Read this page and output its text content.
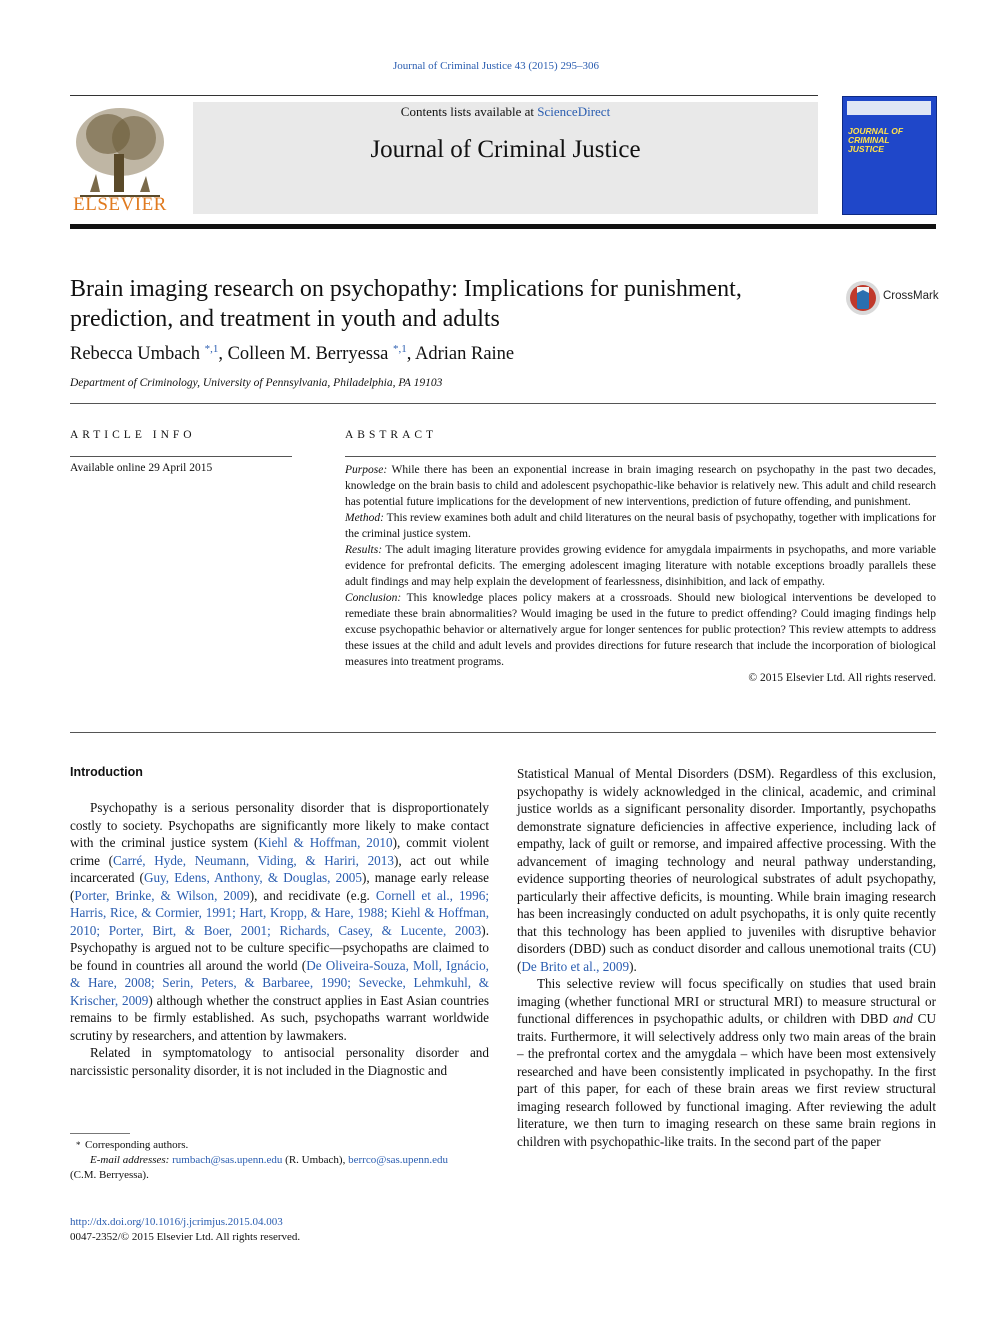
Journal of Criminal Justice 43 (2015) 295–306
ELSEVIER
Contents lists available at ScienceDirect
Journal of Criminal Justice
JOURNAL OF CRIMINAL JUSTICE
Brain imaging research on psychopathy: Implications for punishment, prediction, and treatment in youth and adults
CrossMark
Rebecca Umbach $^{*,1}$, Colleen M. Berryessa $^{*,1}$, Adrian Raine
Department of Criminology, University of Pennsylvania, Philadelphia, PA 19103
ARTICLE INFO
Available online 29 April 2015
ABSTRACT

Purpose: While there has been an exponential increase in brain imaging research on psychopathy in the past two decades, knowledge on the brain basis to child and adolescent psychopathic-like behavior is relatively new. This adult and child research has potential future implications for the development of new interventions, prediction of future offending, and punishment.

Method: This review examines both adult and child literatures on the neural basis of psychopathy, together with implications for the criminal justice system.

Results: The adult imaging literature provides growing evidence for amygdala impairments in psychopaths, and more variable evidence for prefrontal deficits. The emerging adolescent imaging literature with notable exceptions broadly parallels these adult findings and may help explain the development of fearlessness, disinhibition, and lack of empathy.

Conclusion: This knowledge places policy makers at a crossroads. Should new biological interventions be developed to remediate these brain abnormalities? Would imaging be used in the future to predict offending? Could imaging findings help excuse psychopathic behavior or alternatively argue for longer sentences for public protection? This review attempts to address these issues at the child and adult levels and provides directions for future research that include the incorporation of biological measures into treatment programs.

© 2015 Elsevier Ltd. All rights reserved.

Introduction

Psychopathy is a serious personality disorder that is disproportionately costly to society. Psychopaths are significantly more likely to make contact with the criminal justice system (Kiehl & Hoffman, 2010), commit violent crime (Carré, Hyde, Neumann, Viding, & Hariri, 2013), act out while incarcerated (Guy, Edens, Anthony, & Douglas, 2005), manage early release (Porter, Brinke, & Wilson, 2009), and recidivate (e.g. Cornell et al., 1996; Harris, Rice, & Cormier, 1991; Hart, Kropp, & Hare, 1988; Kiehl & Hoffman, 2010; Porter, Birt, & Boer, 2001; Richards, Casey, & Lucente, 2003). Psychopathy is argued not to be culture specific—psychopaths are claimed to be found in countries all around the world (De Oliveira-Souza, Moll, Ignácio, & Hare, 2008; Serin, Peters, & Barbaree, 1990; Sevecke, Lehmkuhl, & Krischer, 2009) although whether the construct applies in East Asian countries remains to be firmly established. As such, psychopaths warrant worldwide scrutiny by researchers, and attention by lawmakers.

Related in symptomatology to antisocial personality disorder and narcissistic personality disorder, it is not included in the Diagnostic and

Statistical Manual of Mental Disorders (DSM). Regardless of this exclusion, psychopathy is widely acknowledged in the clinical, academic, and criminal justice worlds as a significant personality disorder. Importantly, psychopaths demonstrate signature deficiencies in affective experience, including lack of empathy, lack of guilt or remorse, and impaired affective processing. With the advancement of imaging technology and neural pathway understanding, evidence supporting theories of neurological substrates of adult psychopathy, particularly their affective deficits, is mounting. While brain imaging research has been increasingly conducted on adult psychopaths, it is only quite recently that this technology has been applied to juveniles with disruptive behavior disorders (DBD) such as conduct disorder and callous unemotional traits (CU) (De Brito et al., 2009).

This selective review will focus specifically on studies that used brain imaging (whether functional MRI or structural MRI) to measure structural or functional differences in psychopathic adults, or children with DBD and CU traits. Furthermore, it will selectively address only two main areas of the brain – the prefrontal cortex and the amygdala – which have been most extensively researched and have been consistently implicated in psychopathy. In the first part of this paper, for each of these brain areas we first review structural imaging research followed by functional imaging. After reviewing the adult literature, we then turn to imaging research on these same brain regions in children with psychopathic-like traits. In the second part of the paper

*  Corresponding authors.
E-mail addresses: rumbach@sas.upenn.edu (R. Umbach), berrco@sas.upenn.edu
(C.M. Berryessa).
http://dx.doi.org/10.1016/j.jcrimjus.2015.04.003
0047-2352/© 2015 Elsevier Ltd. All rights reserved.
